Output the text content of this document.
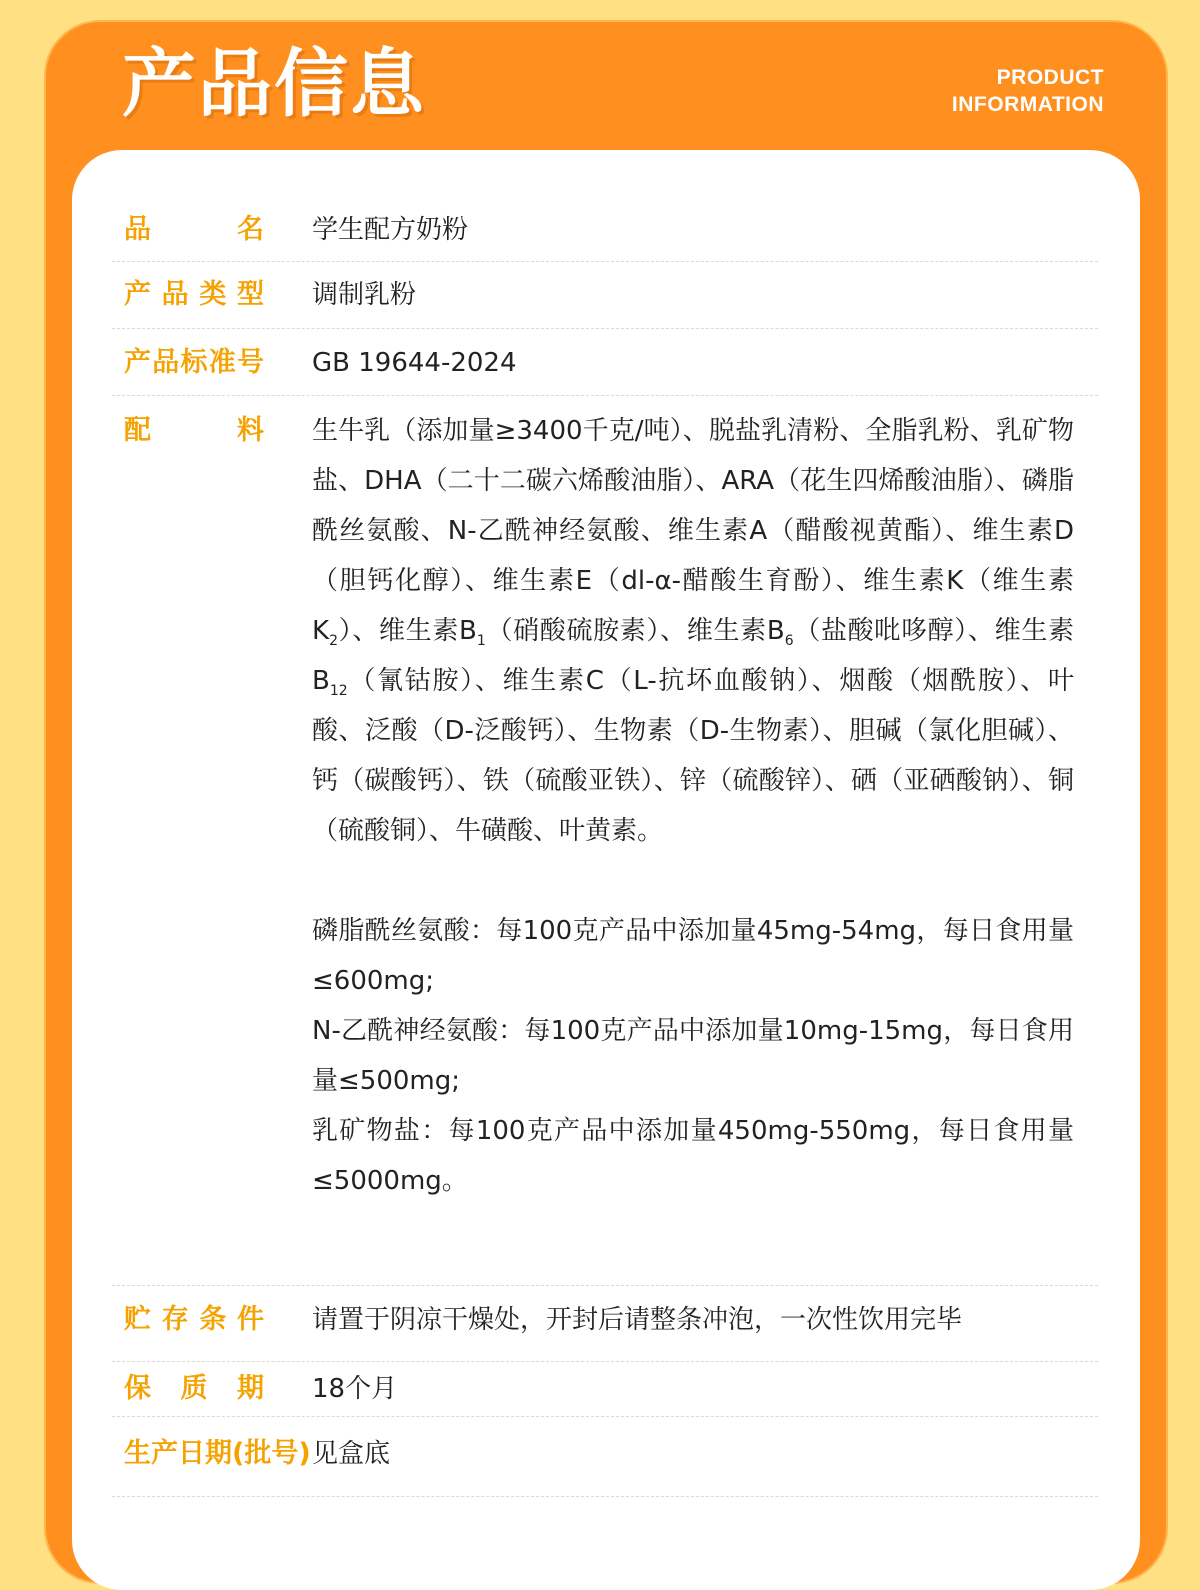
产品信息	PRODUCT
INFORMATION
品	名 学生配方奶粉
产 品 类 型 调制乳粉
产 品 标 准 号 GB 19644-2024
配	料 生牛乳（添加量≥3400千克/吨）、脱盐乳清粉、全脂乳粉、乳矿物盐、DHA（二十二碳六烯酸油脂）、ARA（花生四烯酸油脂）、磷脂酰丝氨酸、N-乙酰神经氨酸、维生素A（醋酸视黄酯）、维生素D（胆钙化醇）、维生素E（dl-α-醋酸生育酚）、维生素K（维生素$K_2$）、维生素$B_1$（硝酸硫胺素）、维生素$B_6$（盐酸吡哆醇）、维生素$B_{12}$（氰钴胺）、维生素C（L-抗坏血酸钠）、烟酸（烟酰胺）、叶酸、泛酸（D-泛酸钙）、生物素（D-生物素）、胆碱（氯化胆碱）、钙（碳酸钙）、铁（硫酸亚铁）、锌（硫酸锌）、硒（亚硒酸钠）、铜（硫酸铜）、牛磺酸、叶黄素。

磷脂酰丝氨酸：每100克产品中添加量45mg-54mg，每日食用量≤600mg;

N-乙酰神经氨酸：每100克产品中添加量10mg-15mg，每日食用量≤500mg;

乳矿物盐：每100克产品中添加量450mg-550mg，每日食用量≤5000mg。

贮 存 条 件 请置于阴凉干燥处，开封后请整条冲泡，一次性饮用完毕
保 质 期 18个月
生产日期(批号) 见盒底
